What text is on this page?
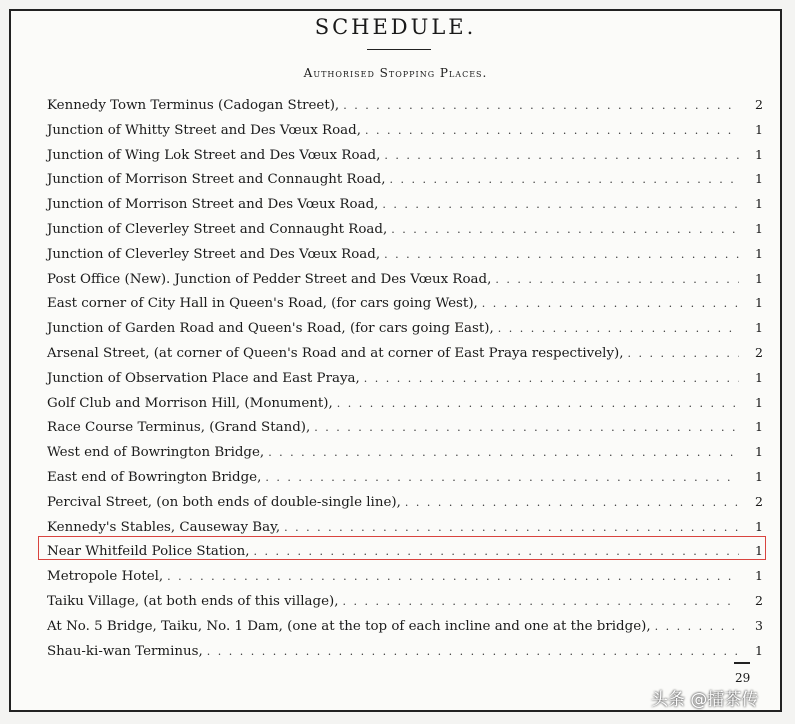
SCHEDULE.
Authorised Stopping Places.
Kennedy Town Terminus (Cadogan Street), . . .	2
Junction of Whitty Street and Des Vœux Road, . . .	1
Junction of Wing Lok Street and Des Vœux Road, . . .	1
Junction of Morrison Street and Connaught Road, . . .	1
Junction of Morrison Street and Des Vœux Road, . . .	1
Junction of Cleverley Street and Connaught Road, . . .	1
Junction of Cleverley Street and Des Vœux Road, . . .	1
Post Office (New). Junction of Pedder Street and Des Vœux Road, . . .	1
East corner of City Hall in Queen's Road, (for cars going West), . . .	1
Junction of Garden Road and Queen's Road, (for cars going East), . . .	1
Arsenal Street, (at corner of Queen's Road and at corner of East Praya respectively), . . .	2
Junction of Observation Place and East Praya, . . .	1
Golf Club and Morrison Hill, (Monument), . . .	1
Race Course Terminus, (Grand Stand), . . .	1
West end of Bowrington Bridge, . . .	1
East end of Bowrington Bridge, . . .	1
Percival Street, (on both ends of double-single line), . . .	2
Kennedy's Stables, Causeway Bay, . . .	1
Near Whitfeild Police Station, . . .	1
Metropole Hotel, . . .	1
Taiku Village, (at both ends of this village), . . .	2
At No. 5 Bridge, Taiku, No. 1 Dam, (one at the top of each incline and one at the bridge), . . .	3
Shau-ki-wan Terminus, . . .	1
29
头条 @擂茶传
